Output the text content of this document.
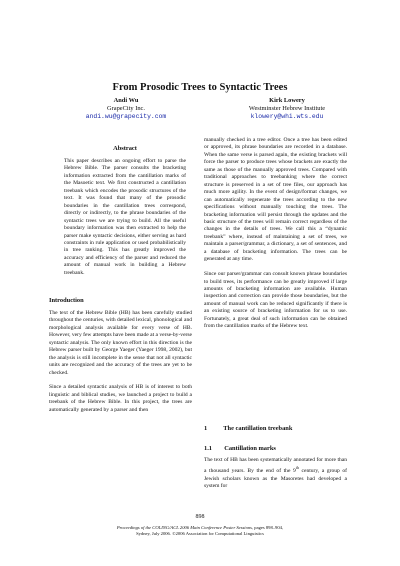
From Prosodic Trees to Syntactic Trees
Andi Wu
GrapeCity Inc.
andi.wu@grapecity.com
Kirk Lowery
Westminster Hebrew Institute
klowery@whi.wts.edu
Abstract

This paper describes an ongoing effort to parse the Hebrew Bible. The parser consults the bracketing information extracted from the cantillation marks of the Masoetic text. We first constructed a cantillation treebank which encodes the prosodic structures of the text. It was found that many of the prosodic boundaries in the cantillation trees correspond, directly or indirectly, to the phrase boundaries of the syntactic trees we are trying to build. All the useful boundary information was then extracted to help the parser make syntactic decisions, either serving as hard constraints in rule application or used probabilistically in tree ranking. This has greatly improved the accuracy and efficiency of the parser and reduced the amount of manual work in building a Hebrew treebank.

Introduction

The text of the Hebrew Bible (HB) has been carefully studied throughout the centuries, with detailed lexical, phonological and morphological analysis available for every verse of HB. However, very few attempts have been made at a verse-by-verse syntactic analysis. The only known effort in this direction is the Hebrew parser built by George Yaeger (Yaeger 1998, 2002), but the analysis is still incomplete in the sense that not all syntactic units are recognized and the accuracy of the trees are yet to be checked.

Since a detailed syntactic analysis of HB is of interest to both linguistic and biblical studies, we launched a project to build a treebank of the Hebrew Bible. In this project, the trees are automatically generated by a parser and then

manually checked in a tree editor. Once a tree has been edited or approved, its phrase boundaries are recorded in a database. When the same verse is parsed again, the existing brackets will force the parser to produce trees whose brackets are exactly the same as those of the manually approved trees. Compared with traditional approaches to treebanking where the correct structure is preserved in a set of tree files, our approach has much more agility. In the event of design/format changes, we can automatically regenerate the trees according to the new specifications without manually touching the trees. The bracketing information will persist through the updates and the basic structure of the trees will remain correct regardless of the changes in the details of trees. We call this a “dynamic treebank” where, instead of maintaining a set of trees, we maintain a parser/grammar, a dictionary, a set of sentences, and a database of bracketing information. The trees can be generated at any time.

Since our parser/grammar can consult known phrase boundaries to build trees, its performance can be greatly improved if large amounts of bracketing information are available. Human inspection and correction can provide those boundaries, but the amount of manual work can be reduced significantly if there is an existing source of bracketing information for us to use. Fortunately, a great deal of such information can be obtained from the cantillation marks of the Hebrew text.

1	The cantillation treebank
1.1 Cantillation marks

The text of HB has been systematically annotated for more than a thousand years. By the end of the 9th century, a group of Jewish scholars known as the Masoretes had developed a system for

898
Proceedings of the COLING/ACL 2006 Main Conference Poster Sessions, pages 898–904,
Sydney, July 2006. ©2006 Association for Computational Linguistics
